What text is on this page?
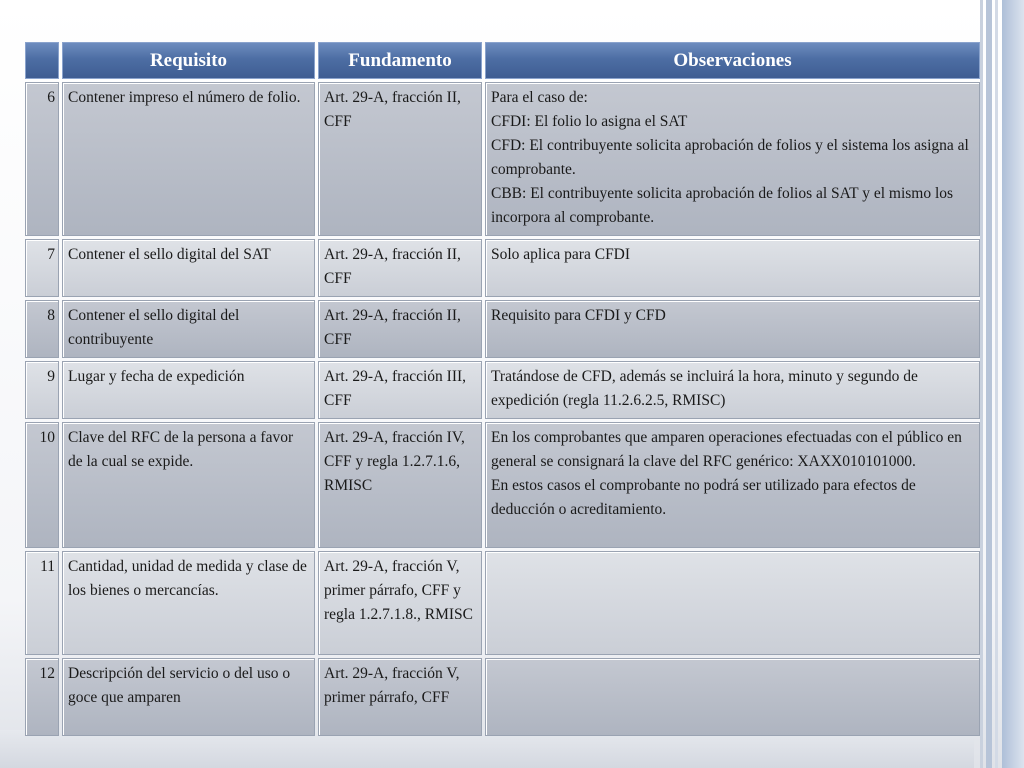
	Requisito	Fundamento	Observaciones
6	Contener impreso el número de folio.	Art. 29-A, fracción II, CFF	Para el caso de:
CFDI: El folio lo asigna el SAT
CFD: El contribuyente solicita aprobación de folios y el sistema los asigna al comprobante.
CBB: El contribuyente solicita aprobación de folios al SAT y el mismo los incorpora al comprobante.

7	Contener el sello digital del SAT	Art. 29-A, fracción II, CFF	Solo aplica para CFDI

8	Contener el sello digital del contribuyente	Art. 29-A, fracción II, CFF	Requisito para CFDI y CFD

9	Lugar y fecha de expedición	Art. 29-A, fracción III, CFF	Tratándose de CFD, además se incluirá la hora, minuto y segundo de expedición (regla 11.2.6.2.5, RMISC)

10	Clave del RFC de la persona a favor de la cual se expide.	Art. 29-A, fracción IV, CFF y regla 1.2.7.1.6, RMISC	En los comprobantes que amparen operaciones efectuadas con el público en general se consignará la clave del RFC genérico: XAXX010101000.
En estos casos el comprobante no podrá ser utilizado para efectos de deducción o acreditamiento.

11	Cantidad, unidad de medida y clase de los bienes o mercancías.	Art. 29-A, fracción V, primer párrafo, CFF y regla 1.2.7.1.8., RMISC	

12	Descripción del servicio o del uso o goce que amparen	Art. 29-A, fracción V, primer párrafo, CFF	
